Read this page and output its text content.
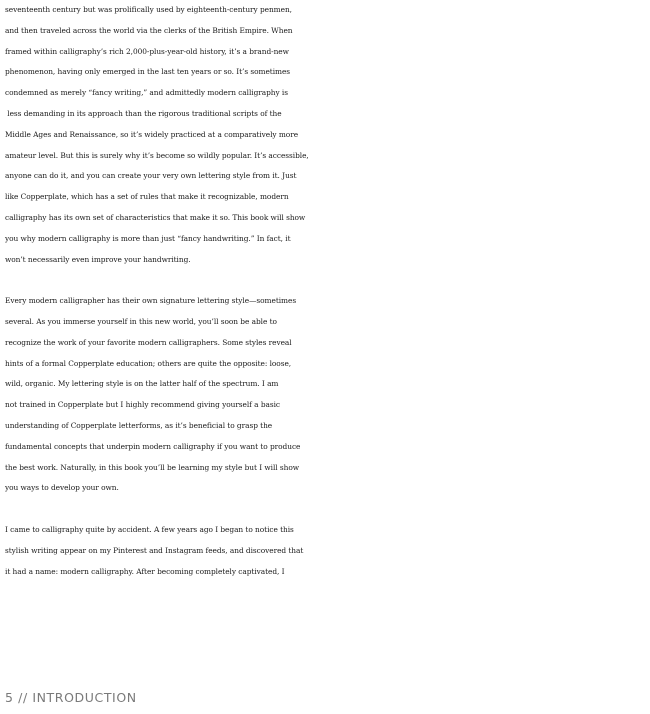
seventeenth century but was prolifically used by eighteenth-century penmen,
and then traveled across the world via the clerks of the British Empire. When
framed within calligraphy’s rich 2,000-plus-year-old history, it’s a brand-new
phenomenon, having only emerged in the last ten years or so. It’s sometimes
condemned as merely “fancy writing,” and admittedly modern calligraphy is
less demanding in its approach than the rigorous traditional scripts of the
Middle Ages and Renaissance, so it’s widely practiced at a comparatively more
amateur level. But this is surely why it’s become so wildly popular. It’s accessible,
anyone can do it, and you can create your very own lettering style from it. Just
like Copperplate, which has a set of rules that make it recognizable, modern
calligraphy has its own set of characteristics that make it so. This book will show
you why modern calligraphy is more than just “fancy handwriting.” In fact, it
won’t necessarily even improve your handwriting.
Every modern calligrapher has their own signature lettering style—sometimes
several. As you immerse yourself in this new world, you’ll soon be able to
recognize the work of your favorite modern calligraphers. Some styles reveal
hints of a formal Copperplate education; others are quite the opposite: loose,
wild, organic. My lettering style is on the latter half of the spectrum. I am
not trained in Copperplate but I highly recommend giving yourself a basic
understanding of Copperplate letterforms, as it’s beneficial to grasp the
fundamental concepts that underpin modern calligraphy if you want to produce
the best work. Naturally, in this book you’ll be learning my style but I will show
you ways to develop your own.
I came to calligraphy quite by accident. A few years ago I began to notice this
stylish writing appear on my Pinterest and Instagram feeds, and discovered that
it had a name: modern calligraphy. After becoming completely captivated, I
5 // INTRODUCTION
